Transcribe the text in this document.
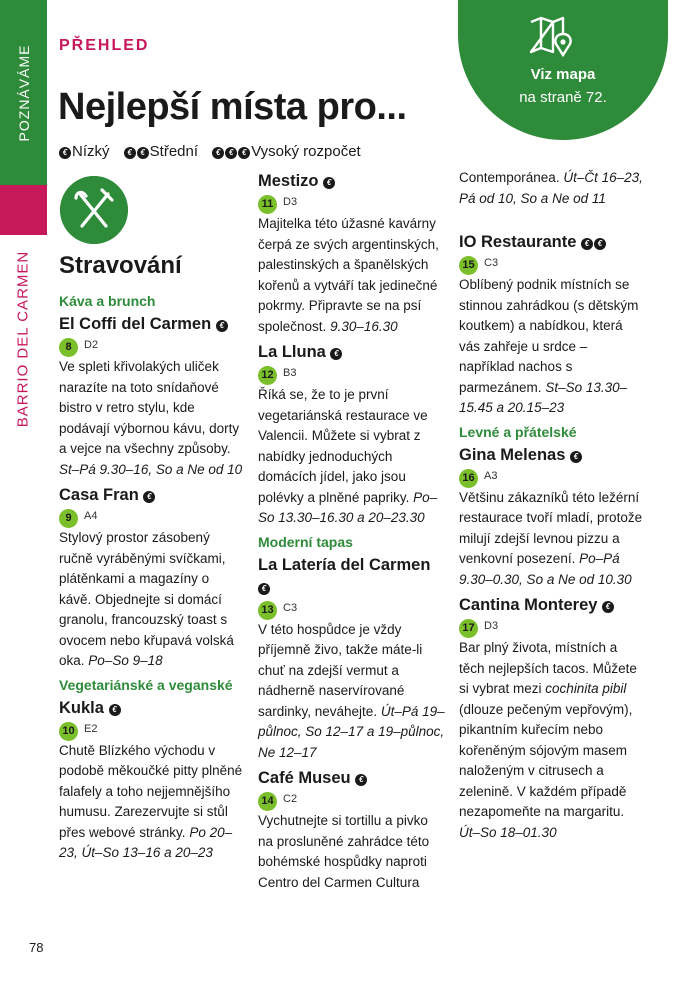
POZNÁVÁME
BARRIO DEL CARMEN
Viz mapa
na straně 72.
PŘEHLED
Nejlepší místa pro...
€ Nízký € € Střední € € € Vysoký rozpočet
Stravování
Káva a brunch
El Coffi del Carmen €
8 D2
Ve spleti křivolakých uliček narazíte na toto snídaňové bistro v retro stylu, kde podávají výbornou kávu, dorty a vejce na všechny způsoby. St–Pá 9.30–16, So a Ne od 10
Casa Fran €
9 A4
Stylový prostor zásobený ručně vyráběnými svíčkami, plátěnkami a magazíny o kávě. Objednejte si domácí granolu, francouzský toast s ovocem nebo křupavá volská oka. Po–So 9–18
Vegetariánské a veganské
Kukla €
10 E2
Chutě Blízkého východu v podobě měkoučké pitty plněné falafely a toho nejjemnějšího humusu. Zarezervujte si stůl přes webové stránky. Po 20–23, Út–So 13–16 a 20–23
Mestizo €
11 D3
Majitelka této úžasné kavárny čerpá ze svých argentinských, palestinských a španělských kořenů a vytváří tak jedinečné pokrmy. Připravte se na psí společnost. 9.30–16.30
La Lluna €
12 B3
Říká se, že to je první vegetariánská restaurace ve Valencii. Můžete si vybrat z nabídky jednoduchých domácích jídel, jako jsou polévky a plněné papriky. Po–So 13.30–16.30 a 20–23.30
Moderní tapas
La Latería del Carmen €
13 C3
V této hospůdce je vždy příjemně živo, takže máte-li chuť na zdejší vermut a nádherně naservírované sardinky, neváhejte. Út–Pá 19–půlnoc, So 12–17 a 19–půlnoc, Ne 12–17
Café Museu €
14 C2
Vychutnejte si tortillu a pivko na prosluněné zahrádce této bohémské hospůdky naproti Centro del Carmen Cultura
Contemporánea. Út–Čt 16–23, Pá od 10, So a Ne od 11
IO Restaurante € €
15 C3
Oblíbený podnik místních se stinnou zahrádkou (s dětským koutkem) a nabídkou, která vás zahřeje u srdce – například nachos s parmezánem. St–So 13.30–15.45 a 20.15–23
Levné a přátelské
Gina Melenas €
16 A3
Většinu zákazníků této ležérní restaurace tvoří mladí, protože milují zdejší levnou pizzu a venkovní posezení. Po–Pá 9.30–0.30, So a Ne od 10.30
Cantina Monterey €
17 D3
Bar plný života, místních a těch nejlepších tacos. Můžete si vybrat mezi cochinita pibil (dlouze pečeným vepřovým), pikantním kuřecím nebo kořeněným sójovým masem naloženým v citrusech a zelenině. V každém případě nezapomeňte na margaritu. Út–So 18–01.30
78
